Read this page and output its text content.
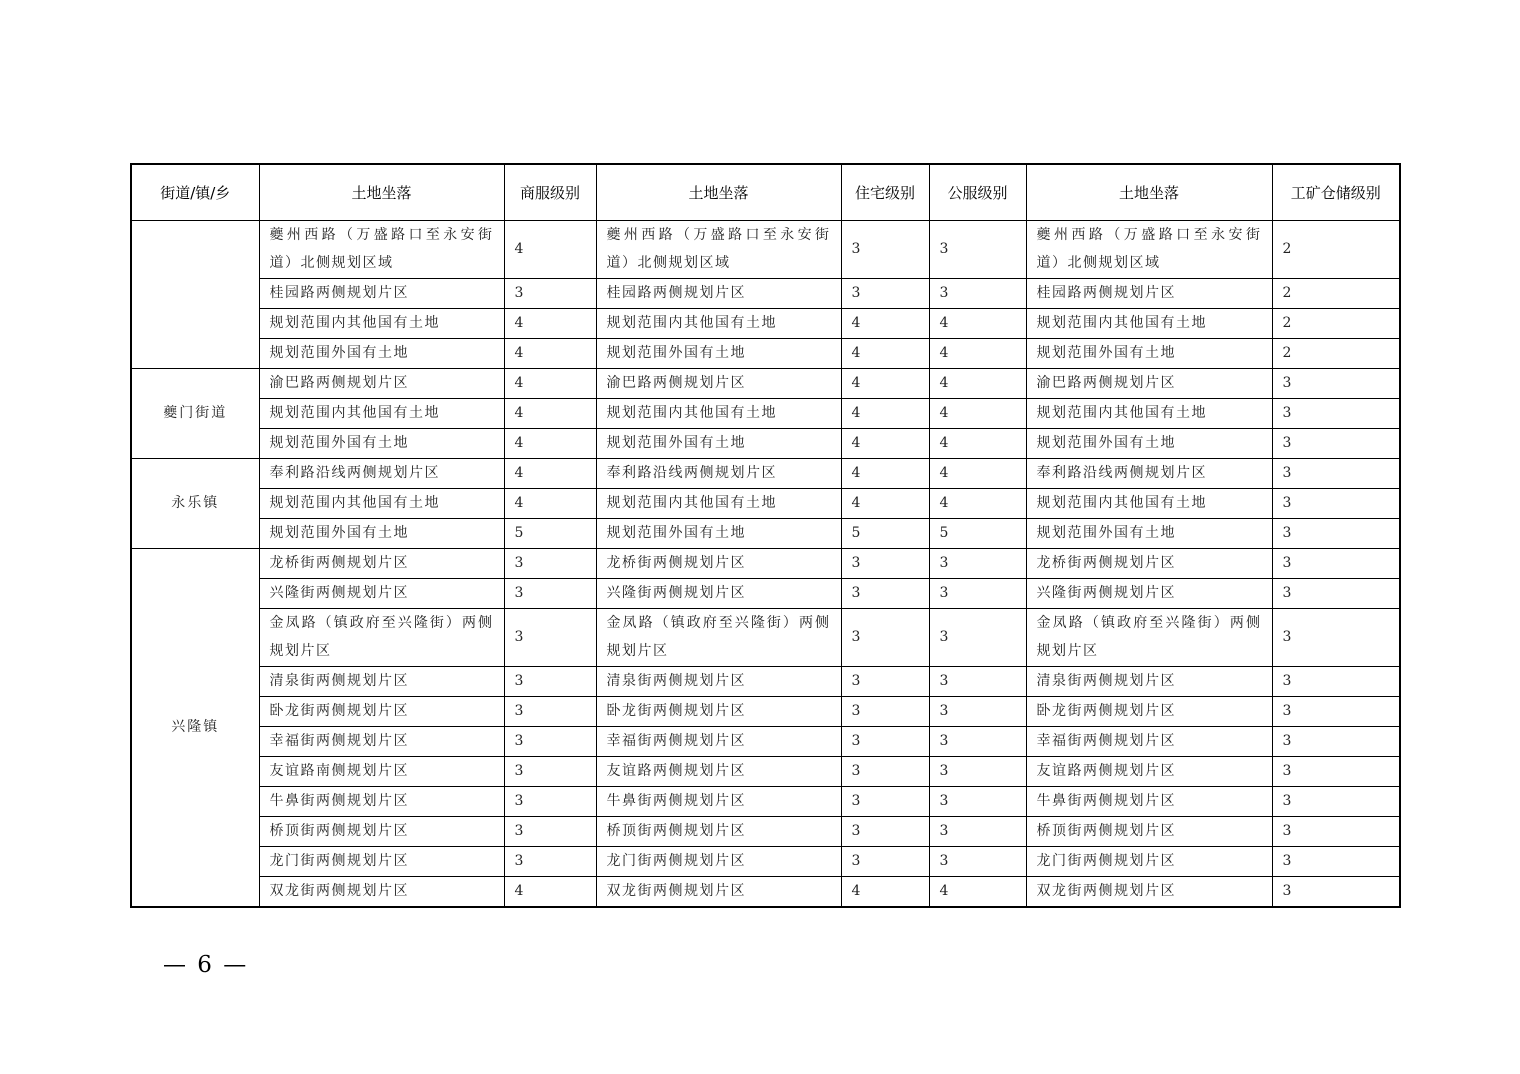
街道/镇/乡	土地坐落	商服级别	土地坐落	住宅级别	公服级别	土地坐落	工矿仓储级别
	夔州西路（万盛路口至永安街道）北侧规划区域	4	夔州西路（万盛路口至永安街道）北侧规划区域	3	3	夔州西路（万盛路口至永安街道）北侧规划区域	2
	桂园路两侧规划片区	3	桂园路两侧规划片区	3	3	桂园路两侧规划片区	2
	规划范围内其他国有土地	4	规划范围内其他国有土地	4	4	规划范围内其他国有土地	2
	规划范围外国有土地	4	规划范围外国有土地	4	4	规划范围外国有土地	2
夔门街道	渝巴路两侧规划片区	4	渝巴路两侧规划片区	4	4	渝巴路两侧规划片区	3
	规划范围内其他国有土地	4	规划范围内其他国有土地	4	4	规划范围内其他国有土地	3
	规划范围外国有土地	4	规划范围外国有土地	4	4	规划范围外国有土地	3
永乐镇	奉利路沿线两侧规划片区	4	奉利路沿线两侧规划片区	4	4	奉利路沿线两侧规划片区	3
	规划范围内其他国有土地	4	规划范围内其他国有土地	4	4	规划范围内其他国有土地	3
	规划范围外国有土地	5	规划范围外国有土地	5	5	规划范围外国有土地	3
兴隆镇	龙桥街两侧规划片区	3	龙桥街两侧规划片区	3	3	龙桥街两侧规划片区	3
	兴隆街两侧规划片区	3	兴隆街两侧规划片区	3	3	兴隆街两侧规划片区	3
	金凤路（镇政府至兴隆街）两侧规划片区	3	金凤路（镇政府至兴隆街）两侧规划片区	3	3	金凤路（镇政府至兴隆街）两侧规划片区	3
	清泉街两侧规划片区	3	清泉街两侧规划片区	3	3	清泉街两侧规划片区	3
	卧龙街两侧规划片区	3	卧龙街两侧规划片区	3	3	卧龙街两侧规划片区	3
	幸福街两侧规划片区	3	幸福街两侧规划片区	3	3	幸福街两侧规划片区	3
	友谊路南侧规划片区	3	友谊路两侧规划片区	3	3	友谊路两侧规划片区	3
	牛鼻街两侧规划片区	3	牛鼻街两侧规划片区	3	3	牛鼻街两侧规划片区	3
	桥顶街两侧规划片区	3	桥顶街两侧规划片区	3	3	桥顶街两侧规划片区	3
	龙门街两侧规划片区	3	龙门街两侧规划片区	3	3	龙门街两侧规划片区	3
	双龙街两侧规划片区	4	双龙街两侧规划片区	4	4	双龙街两侧规划片区	3
— 6 —
